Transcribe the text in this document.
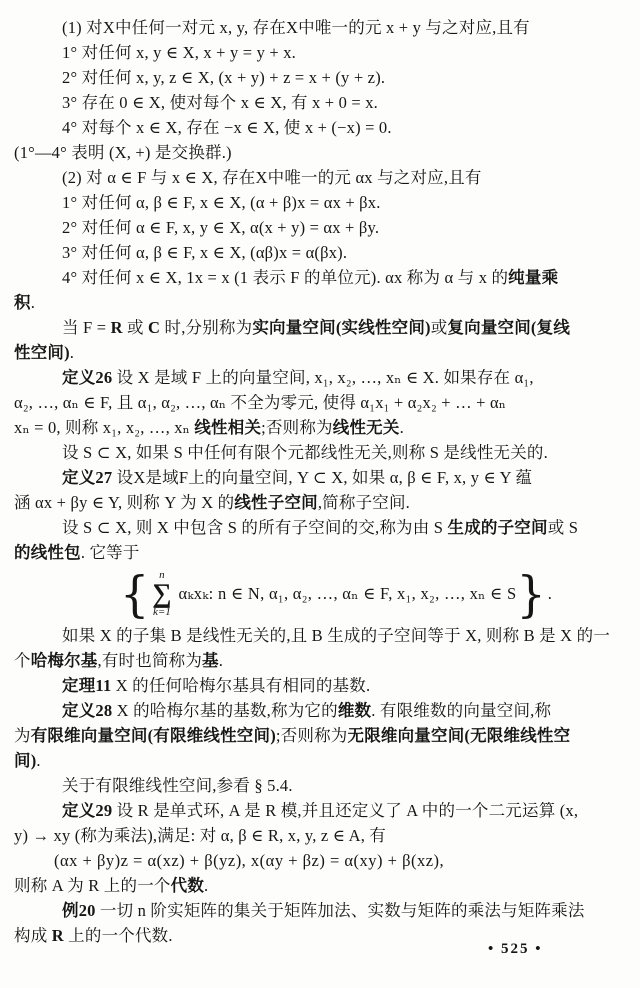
(1) 对X中任何一对元 x, y, 存在X中唯一的元 x + y 与之对应,且有
1° 对任何 x, y ∈ X, x + y = y + x.
2° 对任何 x, y, z ∈ X, (x + y) + z = x + (y + z).
3° 存在 0 ∈ X, 使对每个 x ∈ X, 有 x + 0 = x.
4° 对每个 x ∈ X, 存在 −x ∈ X, 使 x + (−x) = 0.
(1°—4° 表明 (X, +) 是交换群.)
(2) 对 α ∈ F 与 x ∈ X, 存在X中唯一的元 αx 与之对应,且有
1° 对任何 α, β ∈ F, x ∈ X, (α + β)x = αx + βx.
2° 对任何 α ∈ F, x, y ∈ X, α(x + y) = αx + βy.
3° 对任何 α, β ∈ F, x ∈ X, (αβ)x = α(βx).
4° 对任何 x ∈ X, 1x = x (1 表示 F 的单位元). αx 称为 α 与 x 的纯量乘
积.
当 F = R 或 C 时,分别称为实向量空间(实线性空间)或复向量空间(复线
性空间).
定义26 设 X 是域 F 上的向量空间, x₁, x₂, …, xₙ ∈ X. 如果存在 α₁,
α₂, …, αₙ ∈ F, 且 α₁, α₂, …, αₙ 不全为零元, 使得 α₁x₁ + α₂x₂ + … + αₙ
xₙ = 0, 则称 x₁, x₂, …, xₙ 线性相关;否则称为线性无关.
设 S ⊂ X, 如果 S 中任何有限个元都线性无关,则称 S 是线性无关的.
定义27 设X是域F上的向量空间, Y ⊂ X, 如果 α, β ∈ F, x, y ∈ Y 蕴
涵 αx + βy ∈ Y, 则称 Y 为 X 的线性子空间,简称子空间.
设 S ⊂ X, 则 X 中包含 S 的所有子空间的交,称为由 S 生成的子空间或 S
的线性包. 它等于
{ n
∑
k=1
αₖxₖ: n ∈ N, α₁, α₂, …, αₙ ∈ F, x₁, x₂, …, xₙ ∈ S } .
如果 X 的子集 B 是线性无关的,且 B 生成的子空间等于 X, 则称 B 是 X 的一
个哈梅尔基,有时也简称为基.
定理11 X 的任何哈梅尔基具有相同的基数.
定义28 X 的哈梅尔基的基数,称为它的维数. 有限维数的向量空间,称
为有限维向量空间(有限维线性空间);否则称为无限维向量空间(无限维线性空
间).
关于有限维线性空间,参看 § 5.4.
定义29 设 R 是单式环, A 是 R 模,并且还定义了 A 中的一个二元运算 (x,
y) → xy (称为乘法),满足: 对 α, β ∈ R, x, y, z ∈ A, 有
(αx + βy)z = α(xz) + β(yz), x(αy + βz) = α(xy) + β(xz),
则称 A 为 R 上的一个代数.
例20 一切 n 阶实矩阵的集关于矩阵加法、实数与矩阵的乘法与矩阵乘法
构成 R 上的一个代数.
• 525 •
